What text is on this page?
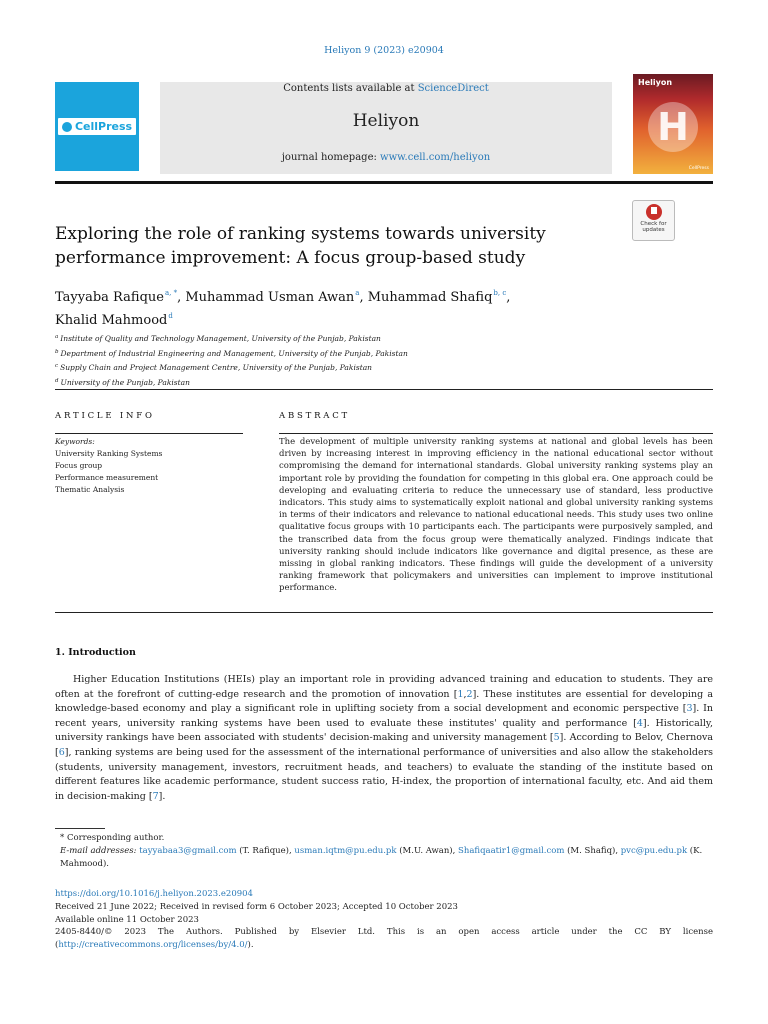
Heliyon 9 (2023) e20904
CellPress
Contents lists available at ScienceDirect
Heliyon
journal homepage: www.cell.com/heliyon
Heliyon
H
CellPress
Exploring the role of ranking systems towards university performance improvement: A focus group-based study
Check for updates
Tayyaba Rafique$^{a, *}$, Muhammad Usman Awan$^a$, Muhammad Shafiq$^{b, c}$,
Khalid Mahmood$^d$
$^a$ Institute of Quality and Technology Management, University of the Punjab, Pakistan
$^b$ Department of Industrial Engineering and Management, University of the Punjab, Pakistan
$^c$ Supply Chain and Project Management Centre, University of the Punjab, Pakistan
$^d$ University of the Punjab, Pakistan
ARTICLE INFO
Keywords:
University Ranking Systems
Focus group
Performance measurement
Thematic Analysis
ABSTRACT

The development of multiple university ranking systems at national and global levels has been driven by increasing interest in improving efficiency in the national educational sector without compromising the demand for international standards. Global university ranking systems play an important role by providing the foundation for competing in this global era. One approach could be developing and evaluating criteria to reduce the unnecessary use of standard, less productive indicators. This study aims to systematically exploit national and global university ranking systems in terms of their indicators and relevance to national educational needs. This study uses two online qualitative focus groups with 10 participants each. The participants were purposively sampled, and the transcribed data from the focus group were thematically analyzed. Findings indicate that university ranking should include indicators like governance and digital presence, as these are missing in global ranking indicators. These findings will guide the development of a university ranking framework that policymakers and universities can implement to improve institutional performance.

1. Introduction

Higher Education Institutions (HEIs) play an important role in providing advanced training and education to students. They are often at the forefront of cutting-edge research and the promotion of innovation [1,2]. These institutes are essential for developing a knowledge-based economy and play a significant role in uplifting society from a social development and economic perspective [3]. In recent years, university ranking systems have been used to evaluate these institutes' quality and performance [4]. Historically, university rankings have been associated with students' decision-making and university management [5]. According to Belov, Chernova [6], ranking systems are being used for the assessment of the international performance of universities and also allow the stakeholders (students, university management, investors, recruitment heads, and teachers) to evaluate the standing of the institute based on different features like academic performance, student success ratio, H-index, the proportion of international faculty, etc. And aid them in decision-making [7].

* Corresponding author.
E-mail addresses: tayyabaa3@gmail.com (T. Rafique), usman.iqtm@pu.edu.pk (M.U. Awan), Shafiqaatir1@gmail.com (M. Shafiq), pvc@pu.edu.pk (K. Mahmood).
https://doi.org/10.1016/j.heliyon.2023.e20904
Received 21 June 2022; Received in revised form 6 October 2023; Accepted 10 October 2023
Available online 11 October 2023
2405-8440/© 2023 The Authors. Published by Elsevier Ltd. This is an open access article under the CC BY license (http://creativecommons.org/licenses/by/4.0/).
